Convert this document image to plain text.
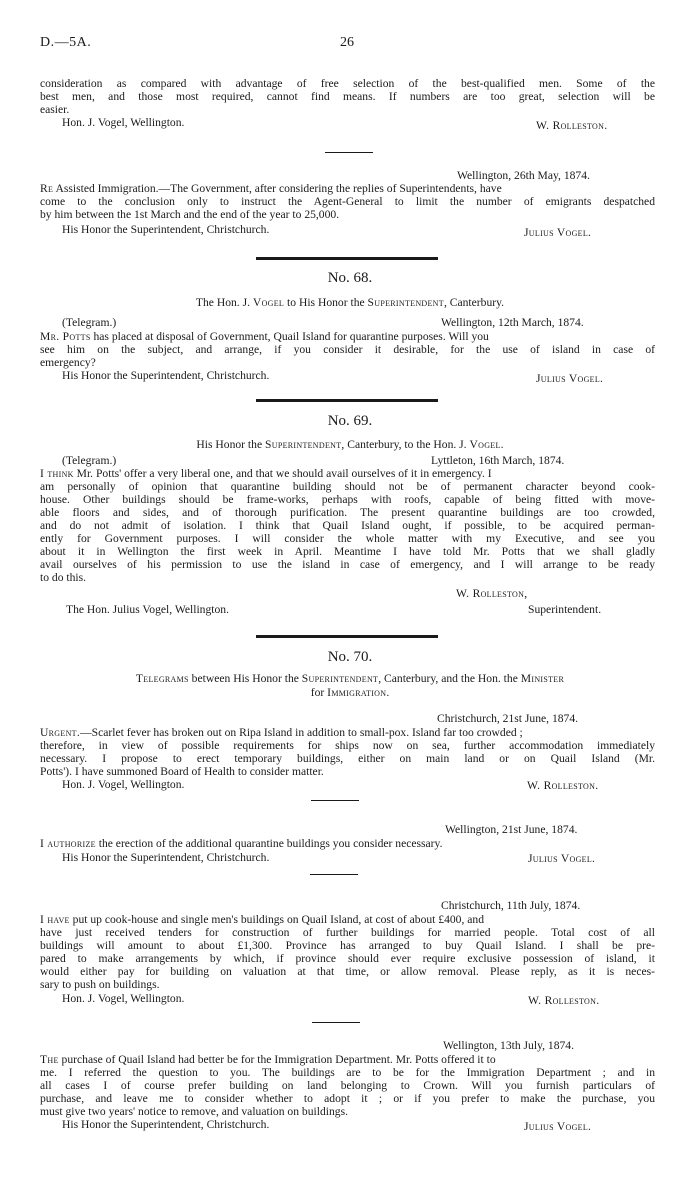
D.—5A.	26
consideration as compared with advantage of free selection of the best-qualified men. Some of the
best men, and those most required, cannot find means. If numbers are too great, selection will be
easier.
Hon. J. Vogel, Wellington.	W. Rolleston.
Wellington, 26th May, 1874.
Re Assisted Immigration.—The Government, after considering the replies of Superintendents, have
come to the conclusion only to instruct the Agent-General to limit the number of emigrants despatched
by him between the 1st March and the end of the year to 25,000.
His Honor the Superintendent, Christchurch.	Julius Vogel.
No. 68.
The Hon. J. Vogel to His Honor the Superintendent, Canterbury.
(Telegram.)	Wellington, 12th March, 1874.
Mr. Potts has placed at disposal of Government, Quail Island for quarantine purposes. Will you
see him on the subject, and arrange, if you consider it desirable, for the use of island in case of
emergency?
His Honor the Superintendent, Christchurch.	Julius Vogel.
No. 69.
His Honor the Superintendent, Canterbury, to the Hon. J. Vogel.
(Telegram.)	Lyttleton, 16th March, 1874.
I think Mr. Potts' offer a very liberal one, and that we should avail ourselves of it in emergency. I
am personally of opinion that quarantine building should not be of permanent character beyond cook-
house. Other buildings should be frame-works, perhaps with roofs, capable of being fitted with move-
able floors and sides, and of thorough purification. The present quarantine buildings are too crowded,
and do not admit of isolation. I think that Quail Island ought, if possible, to be acquired perman-
ently for Government purposes. I will consider the whole matter with my Executive, and see you
about it in Wellington the first week in April. Meantime I have told Mr. Potts that we shall gladly
avail ourselves of his permission to use the island in case of emergency, and I will arrange to be ready
to do this.
W. Rolleston,
The Hon. Julius Vogel, Wellington.	Superintendent.
No. 70.
Telegrams between His Honor the Superintendent, Canterbury, and the Hon. the Minister
for Immigration.
Christchurch, 21st June, 1874.
Urgent.—Scarlet fever has broken out on Ripa Island in addition to small-pox. Island far too crowded ;
therefore, in view of possible requirements for ships now on sea, further accommodation immediately
necessary. I propose to erect temporary buildings, either on main land or on Quail Island (Mr.
Potts'). I have summoned Board of Health to consider matter.
Hon. J. Vogel, Wellington.	W. Rolleston.
Wellington, 21st June, 1874.
I authorize the erection of the additional quarantine buildings you consider necessary.
His Honor the Superintendent, Christchurch.	Julius Vogel.
Christchurch, 11th July, 1874.
I have put up cook-house and single men's buildings on Quail Island, at cost of about £400, and
have just received tenders for construction of further buildings for married people. Total cost of all
buildings will amount to about £1,300. Province has arranged to buy Quail Island. I shall be pre-
pared to make arrangements by which, if province should ever require exclusive possession of island, it
would either pay for building on valuation at that time, or allow removal. Please reply, as it is neces-
sary to push on buildings.
Hon. J. Vogel, Wellington.	W. Rolleston.
Wellington, 13th July, 1874.
The purchase of Quail Island had better be for the Immigration Department. Mr. Potts offered it to
me. I referred the question to you. The buildings are to be for the Immigration Department ; and in
all cases I of course prefer building on land belonging to Crown. Will you furnish particulars of
purchase, and leave me to consider whether to adopt it ; or if you prefer to make the purchase, you
must give two years' notice to remove, and valuation on buildings.
His Honor the Superintendent, Christchurch.	Julius Vogel.
